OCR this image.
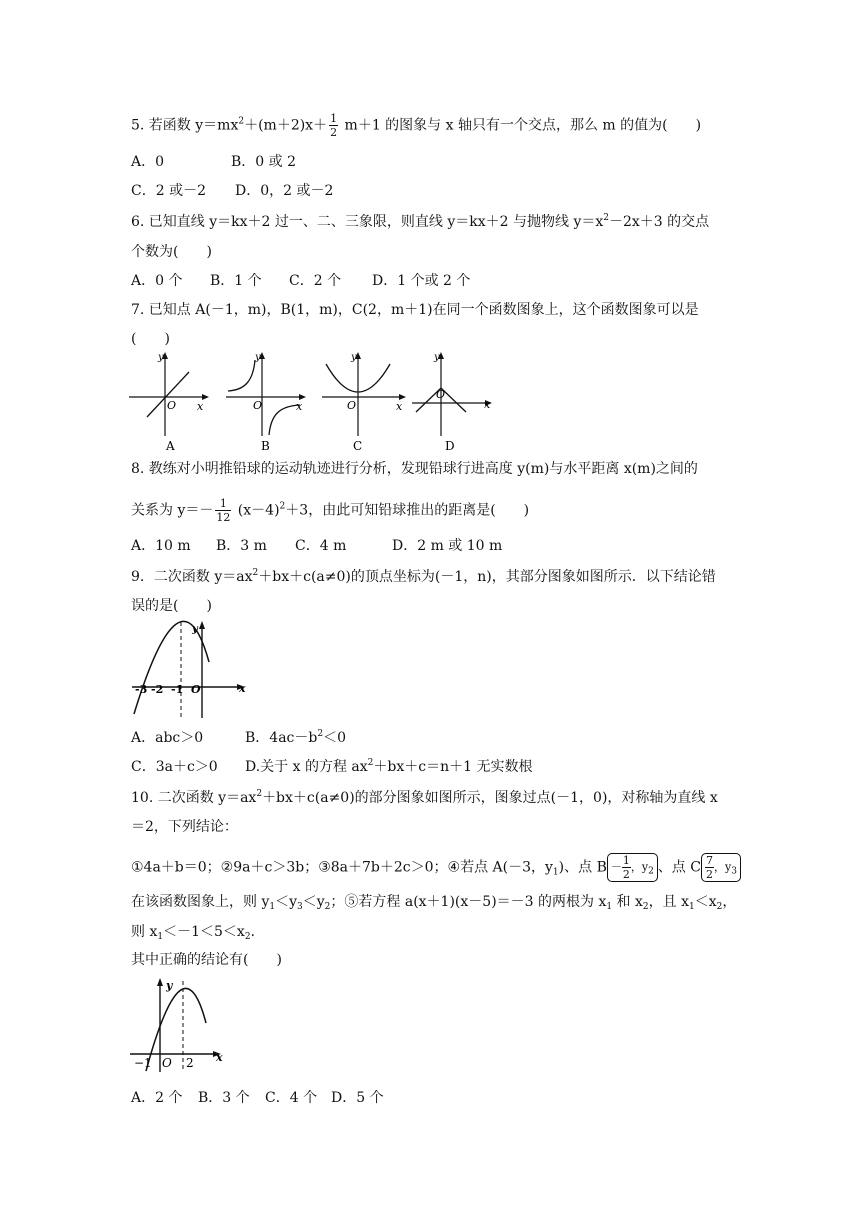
5. 若函数 $y=mx^2+(m+2)x+ \frac{1}{2} m+1$ 的图象与 x 轴只有一个交点，那么 m 的值为(　　)
A．0	B．0 或 2
C．2 或－2 D．0，2 或－2
6. 已知直线 y＝kx＋2 过一、二、三象限，则直线 y＝kx＋2 与抛物线 $y=x^2-2x+3$ 的交点
个数为(　　)
A．0 个 B．1 个 C．2 个 D．1 个或 2 个
7. 已知点 A(－1，m)，B(1，m)，C(2，m＋1)在同一个函数图象上，这个函数图象可以是
(　　)
y
x
O
A
y
x
O
B
y
x
O
C
y
x
O
D
8. 教练对小明推铅球的运动轨迹进行分析，发现铅球行进高度 y(m)与水平距离 x(m)之间的
关系为 $y=- \frac{1}{12} (x-4)^2+3$，由此可知铅球推出的距离是(　　)
A．10 m B．3 m C．4 m	D．2 m 或 10 m
9．二次函数 $y=ax^2+bx+c(a\ne 0)$的顶点坐标为(－1，n)，其部分图象如图所示．以下结论错
误的是(　　)
y
x
O
-3 -2 -1
A．abc＞0	B．$4ac-b^2<0$
C．3a＋c＞0 D.关于 x 的方程 $ax^2+bx+c=n+1$ 无实数根
10. 二次函数 $y=ax^2+bx+c(a\ne 0)$的部分图象如图所示，图象过点(－1，0)，对称轴为直线 x
＝2，下列结论：
①4a＋b＝0；②9a＋c＞3b；③8a＋7b＋2c＞0；④若点 A(－3，$y_1$)、点 $B - \frac{1}{2}$ ，$y_2$ 、点 C $\frac{7}{2}$ ，$y_3$
在该函数图象上，则 $y_1<y_3<y_2$；⑤若方程 a(x＋1)(x－5)＝－3 的两根为 $x_1$ 和 $x_2$，且 $x_1<x_2$，
则 $x_1<-1<5<x_2$.
其中正确的结论有(　　)
y
x
O
−1	2
A．2 个 B．3 个 C．4 个 D．5 个
